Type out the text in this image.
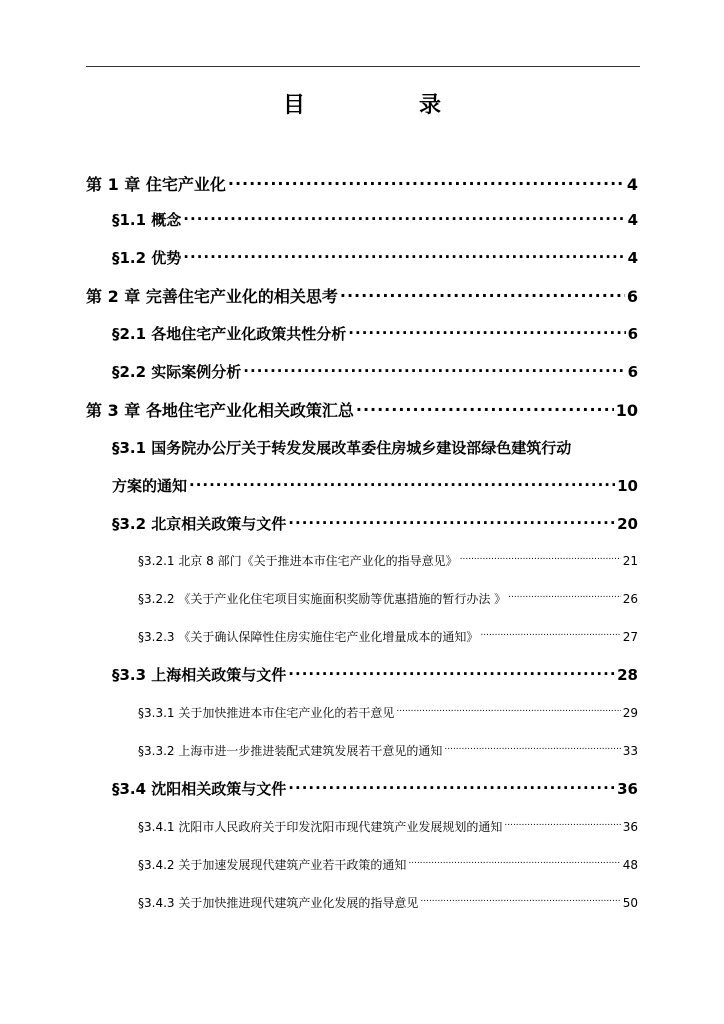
目　录
第 1 章 住宅产业化 .....	4
§1.1 概念 .....	4
§1.2 优势 .....	4
第 2 章 完善住宅产业化的相关思考 .....	6
§2.1 各地住宅产业化政策共性分析 .....	6
§2.2 实际案例分析 .....	6
第 3 章 各地住宅产业化相关政策汇总 .....	10
§3.1 国务院办公厅关于转发发展改革委住房城乡建设部绿色建筑行动
方案的通知 .....	10
§3.2 北京相关政策与文件 .....	20
§3.2.1 北京 8 部门《关于推进本市住宅产业化的指导意见》 .....	21
§3.2.2 《关于产业化住宅项目实施面积奖励等优惠措施的暂行办法 》 .....	26
§3.2.3 《关于确认保障性住房实施住宅产业化增量成本的通知》 .....	27
§3.3 上海相关政策与文件 .....	28
§3.3.1 关于加快推进本市住宅产业化的若干意见 .....	29
§3.3.2 上海市进一步推进装配式建筑发展若干意见的通知 .....	33
§3.4 沈阳相关政策与文件 .....	36
§3.4.1 沈阳市人民政府关于印发沈阳市现代建筑产业发展规划的通知 .....	36
§3.4.2 关于加速发展现代建筑产业若干政策的通知 .....	48
§3.4.3 关于加快推进现代建筑产业化发展的指导意见 .....	50
